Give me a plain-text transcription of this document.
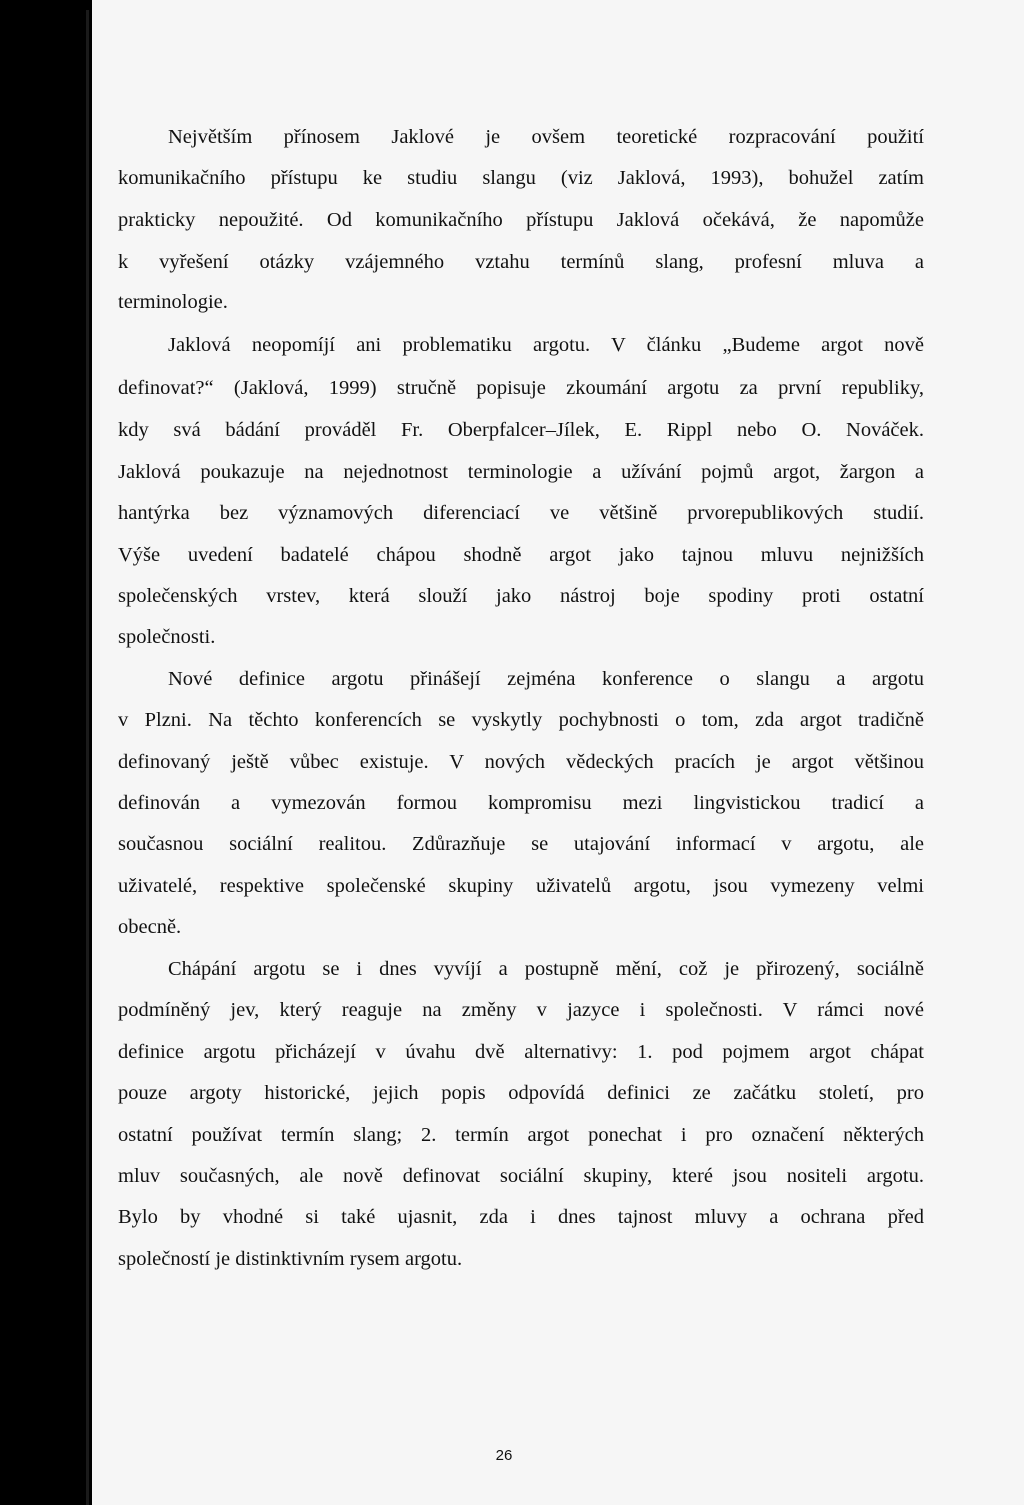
Největším přínosem Jaklové je ovšem teoretické rozpracování použití
komunikačního přístupu ke studiu slangu (viz Jaklová, 1993), bohužel zatím
prakticky nepoužité. Od komunikačního přístupu Jaklová očekává, že napomůže
k vyřešení otázky vzájemného vztahu termínů slang, profesní mluva a
terminologie.
Jaklová neopomíjí ani problematiku argotu. V článku „Budeme argot nově
definovat?“ (Jaklová, 1999) stručně popisuje zkoumání argotu za první republiky,
kdy svá bádání prováděl Fr. Oberpfalcer–Jílek, E. Rippl nebo O. Nováček.
Jaklová poukazuje na nejednotnost terminologie a užívání pojmů argot, žargon a
hantýrka bez významových diferenciací ve většině prvorepublikových studií.
Výše uvedení badatelé chápou shodně argot jako tajnou mluvu nejnižších
společenských vrstev, která slouží jako nástroj boje spodiny proti ostatní
společnosti.
Nové definice argotu přinášejí zejména konference o slangu a argotu
v Plzni. Na těchto konferencích se vyskytly pochybnosti o tom, zda argot tradičně
definovaný ještě vůbec existuje. V nových vědeckých pracích je argot většinou
definován a vymezován formou kompromisu mezi lingvistickou tradicí a
současnou sociální realitou. Zdůrazňuje se utajování informací v argotu, ale
uživatelé, respektive společenské skupiny uživatelů argotu, jsou vymezeny velmi
obecně.
Chápání argotu se i dnes vyvíjí a postupně mění, což je přirozený, sociálně
podmíněný jev, který reaguje na změny v jazyce i společnosti. V rámci nové
definice argotu přicházejí v úvahu dvě alternativy: 1. pod pojmem argot chápat
pouze argoty historické, jejich popis odpovídá definici ze začátku století, pro
ostatní používat termín slang; 2. termín argot ponechat i pro označení některých
mluv současných, ale nově definovat sociální skupiny, které jsou nositeli argotu.
Bylo by vhodné si také ujasnit, zda i dnes tajnost mluvy a ochrana před
společností je distinktivním rysem argotu.
26
